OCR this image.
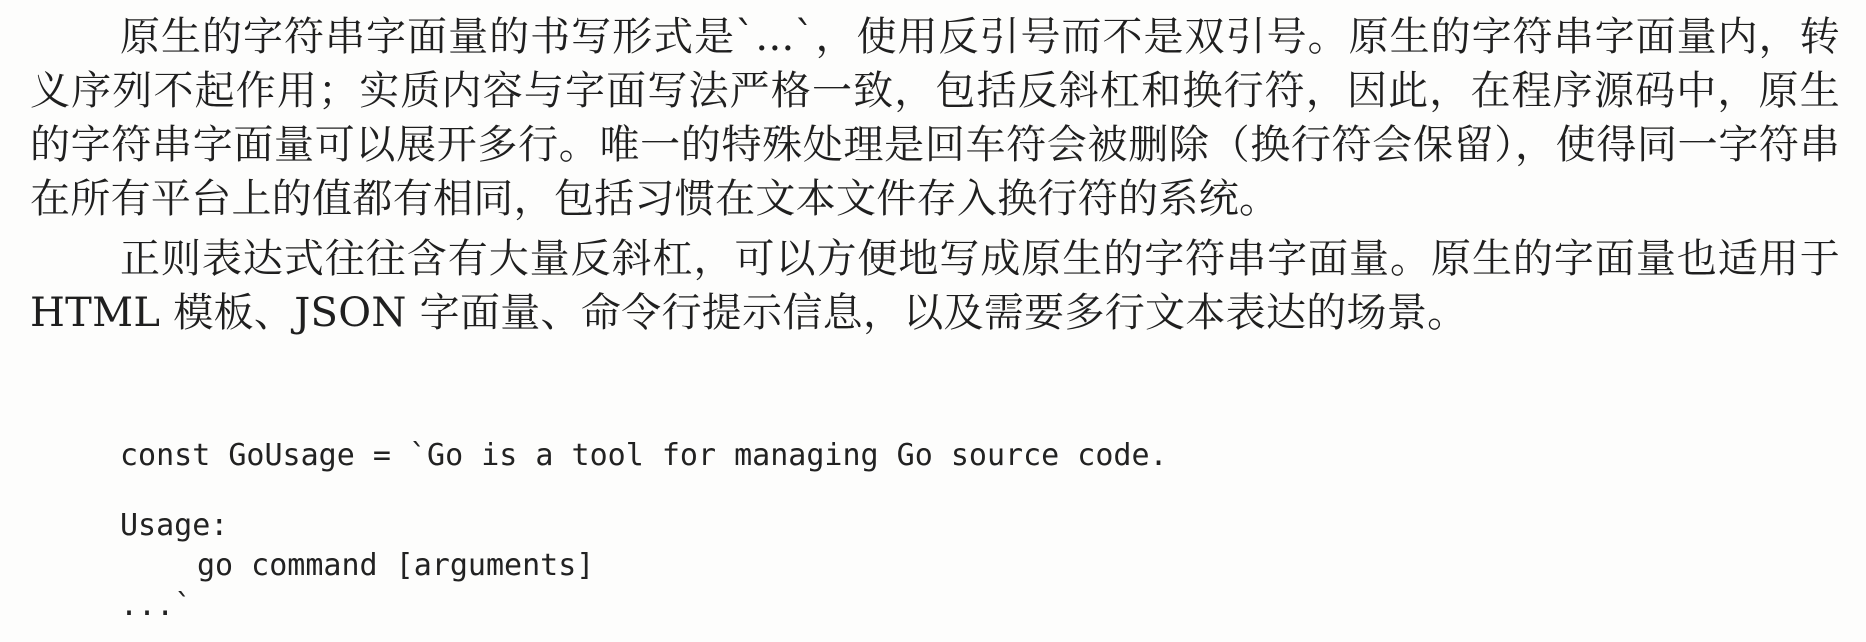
原生的字符串字面量的书写形式是`...`，使用反引号而不是双引号。原生的字符串字面量内，转义序列不起作用；实质内容与字面写法严格一致，包括反斜杠和换行符，因此，在程序源码中，原生的字符串字面量可以展开多行。唯一的特殊处理是回车符会被删除（换行符会保留），使得同一字符串在所有平台上的值都有相同，包括习惯在文本文件存入换行符的系统。

正则表达式往往含有大量反斜杠，可以方便地写成原生的字符串字面量。原生的字面量也适用于 HTML 模板、JSON 字面量、命令行提示信息，以及需要多行文本表达的场景。

const GoUsage = `Go is a tool for managing Go source code.
Usage:
go command [arguments]
...`
